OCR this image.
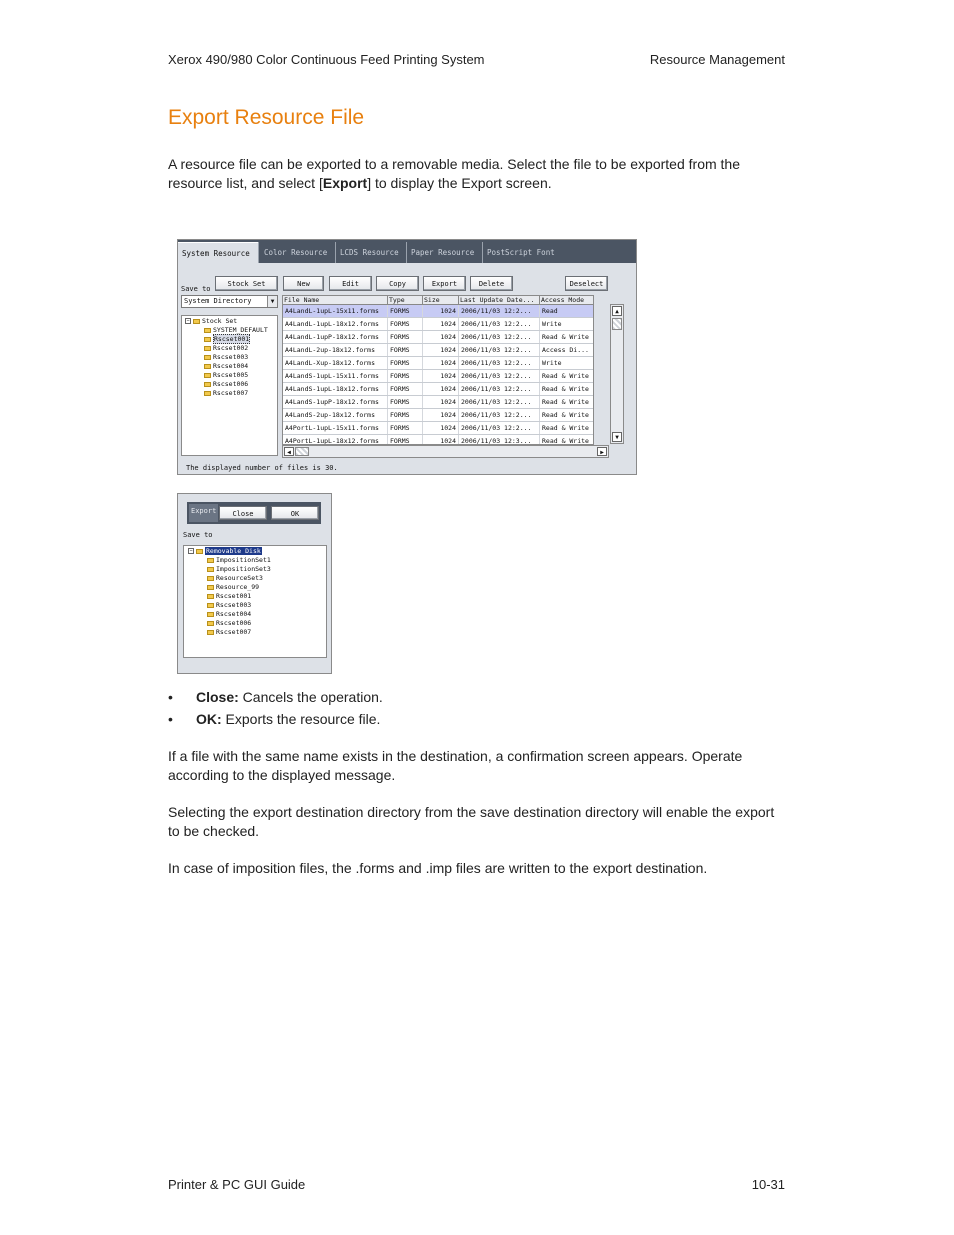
Xerox 490/980 Color Continuous Feed Printing System	Resource Management
Export Resource File

A resource file can be exported to a removable media. Select the file to be exported from the resource list, and select [Export] to display the Export screen.

System Resource	Color Resource	LCDS Resource	Paper Resource	PostScript Font
Save to
Stock Set	New	Edit	Copy	Export	Delete	Deselect
System Directory	▼
− Stock Set
SYSTEM_DEFAULT
Rscset001
Rscset002
Rscset003
Rscset004
Rscset005
Rscset006
Rscset007
File Name	Type	Size	Last Update Date...	Access Mode
A4LandL-1upL-15x11.forms	FORMS	1024 2006/11/03 12:2...	Read
A4LandL-1upL-18x12.forms	FORMS	1024 2006/11/03 12:2...	Write
A4LandL-1upP-18x12.forms	FORMS	1024 2006/11/03 12:2...	Read & Write
A4LandL-2up-18x12.forms	FORMS	1024 2006/11/03 12:2...	Access Di...
A4LandL-Xup-18x12.forms	FORMS	1024 2006/11/03 12:2...	Write
A4LandS-1upL-15x11.forms	FORMS	1024 2006/11/03 12:2...	Read & Write
A4LandS-1upL-18x12.forms	FORMS	1024 2006/11/03 12:2...	Read & Write
A4LandS-1upP-18x12.forms	FORMS	1024 2006/11/03 12:2...	Read & Write
A4LandS-2up-18x12.forms	FORMS	1024 2006/11/03 12:2...	Read & Write
A4PortL-1upL-15x11.forms	FORMS	1024 2006/11/03 12:2...	Read & Write
A4PortL-1upL-18x12.forms	FORMS	1024 2006/11/03 12:3...	Read & Write
▲
▼
◀	▶
The displayed number of files is 30.
Export	Close	OK
Save to
− Removable Disk
ImpositionSet1
ImpositionSet3
ResourceSet3
Resource_99
Rscset001
Rscset003
Rscset004
Rscset006
Rscset007
• Close: Cancels the operation.
• OK: Exports the resource file.

If a file with the same name exists in the destination, a confirmation screen appears. Operate according to the displayed message.

Selecting the export destination directory from the save destination directory will enable the export to be checked.

In case of imposition files, the .forms and .imp files are written to the export destination.

Printer & PC GUI Guide	10-31
